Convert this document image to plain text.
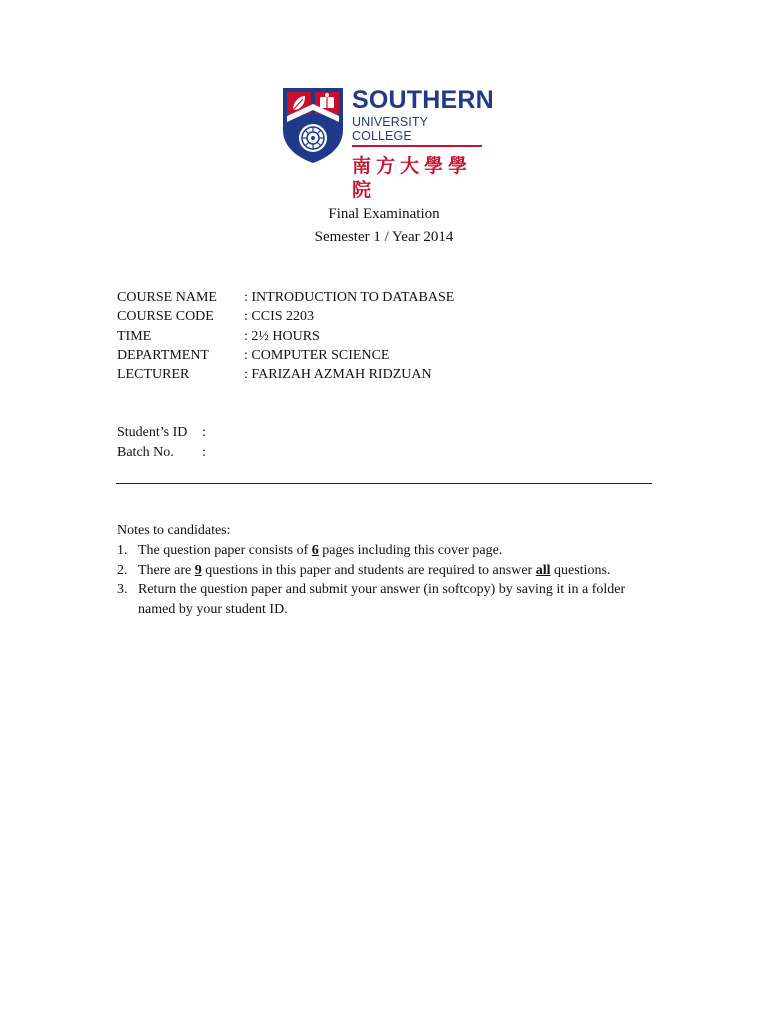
SOUTHERN
UNIVERSITY COLLEGE
南方大學學院
Final Examination
Semester 1 / Year 2014
COURSE NAME : INTRODUCTION TO DATABASE
COURSE CODE : CCIS 2203
TIME	: 2½ HOURS
DEPARTMENT	: COMPUTER SCIENCE
LECTURER	: FARIZAH AZMAH RIDZUAN
Student’s ID :
Batch No. :
Notes to candidates:
1. The question paper consists of 6 pages including this cover page.
2. There are 9 questions in this paper and students are required to answer all questions.
3. Return the question paper and submit your answer (in softcopy) by saving it in a folder named by your student ID.
